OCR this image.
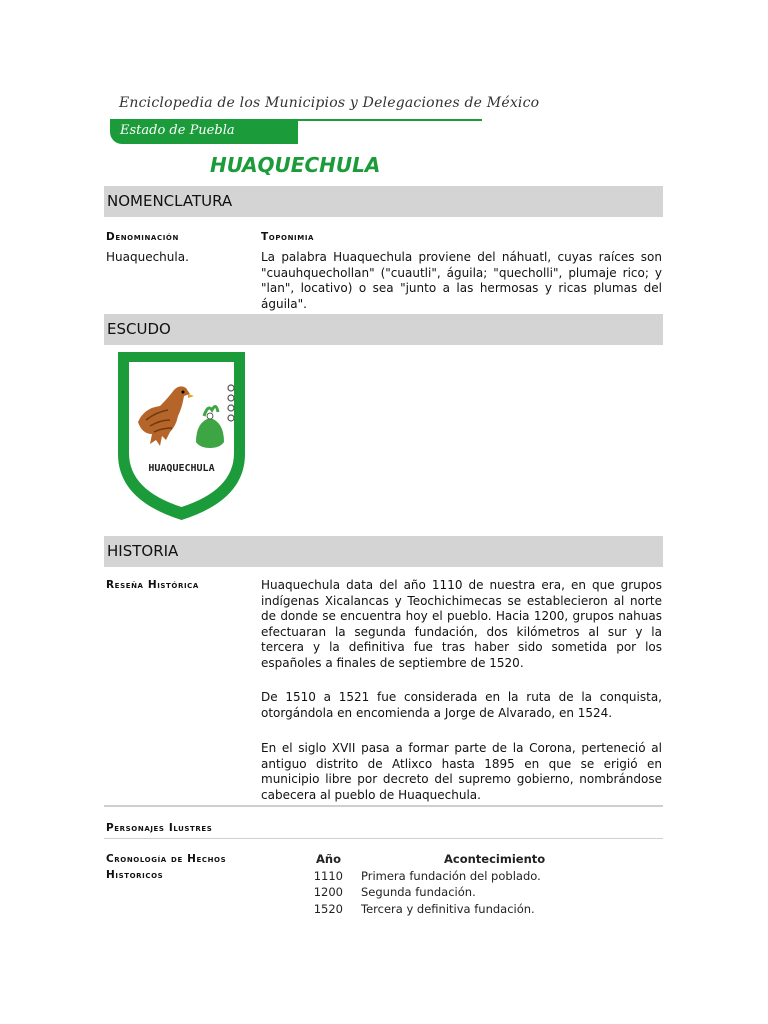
Enciclopedia de los Municipios y Delegaciones de México
Estado de Puebla
HUAQUECHULA
NOMENCLATURA
Denominación
Huaquechula.
Toponimia
La palabra Huaquechula proviene del náhuatl, cuyas raíces son "cuauhquechollan" ("cuautli", águila; "quecholli", plumaje rico; y "lan", locativo) o sea "junto a las hermosas y ricas plumas del águila".
ESCUDO
HUAQUECHULA
HISTORIA
Reseña Histórica	Huaquechula data del año 1110 de nuestra era, en que grupos indígenas Xicalancas y Teochichimecas se establecieron al norte de donde se encuentra hoy el pueblo. Hacia 1200, grupos nahuas efectuaran la segunda fundación, dos kilómetros al sur y la tercera y la definitiva fue tras haber sido sometida por los españoles a finales de septiembre de 1520.
De 1510 a 1521 fue considerada en la ruta de la conquista, otorgándola en encomienda a Jorge de Alvarado, en 1524.
En el siglo XVII pasa a formar parte de la Corona, perteneció al antiguo distrito de Atlixco hasta 1895 en que se erigió en municipio libre por decreto del supremo gobierno, nombrándose cabecera al pueblo de Huaquechula.
Personajes Ilustres
Cronología de Hechos
Historicos
Año	Acontecimiento
1110 Primera fundación del poblado.
1200 Segunda fundación.
1520 Tercera y definitiva fundación.
